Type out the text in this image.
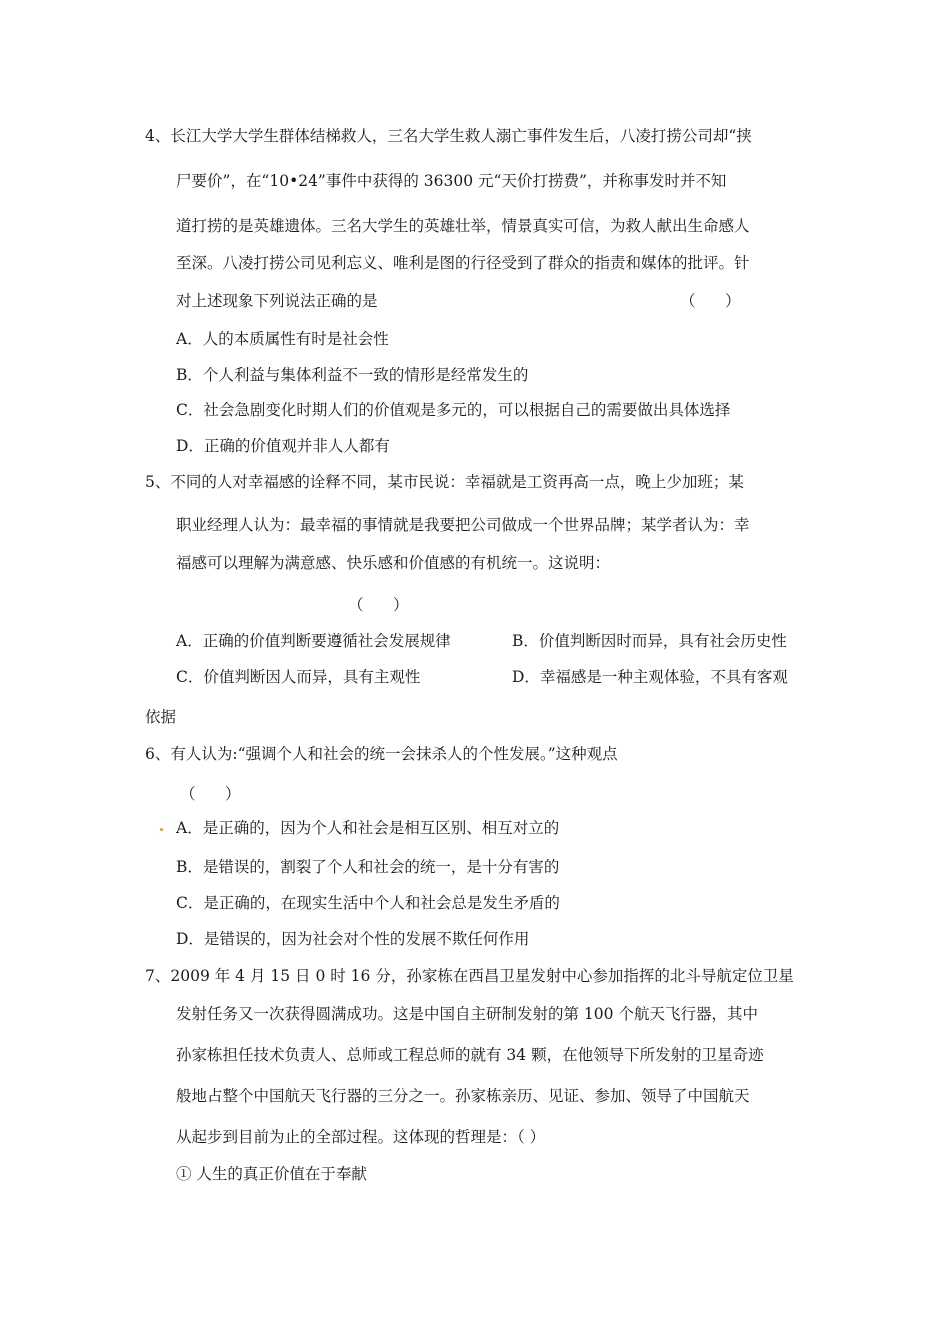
4、长江大学大学生群体结梯救人，三名大学生救人溺亡事件发生后，八凌打捞公司却“挟
尸要价”，在“10•24”事件中获得的 36300 元“天价打捞费”，并称事发时并不知
道打捞的是英雄遗体。三名大学生的英雄壮举，情景真实可信，为救人献出生命感人
至深。八凌打捞公司见利忘义、唯利是图的行径受到了群众的指责和媒体的批评。针
对上述现象下列说法正确的是	（      ）
A．人的本质属性有时是社会性
B．个人利益与集体利益不一致的情形是经常发生的
C．社会急剧变化时期人们的价值观是多元的，可以根据自己的需要做出具体选择
D．正确的价值观并非人人都有
5、不同的人对幸福感的诠释不同，某市民说：幸福就是工资再高一点，晚上少加班；某
职业经理人认为：最幸福的事情就是我要把公司做成一个世界品牌；某学者认为：幸
福感可以理解为满意感、快乐感和价值感的有机统一。这说明：
（      ）
A．正确的价值判断要遵循社会发展规律	B．价值判断因时而异，具有社会历史性
C．价值判断因人而异，具有主观性	D．幸福感是一种主观体验，不具有客观
依据
6、有人认为:“强调个人和社会的统一会抹杀人的个性发展。”这种观点
（      ）
A．是正确的，因为个人和社会是相互区别、相互对立的
B．是错误的，割裂了个人和社会的统一，是十分有害的
C．是正确的，在现实生活中个人和社会总是发生矛盾的
D．是错误的，因为社会对个性的发展不欺任何作用
7、2009 年 4 月 15 日 0 时 16 分，孙家栋在西昌卫星发射中心参加指挥的北斗导航定位卫星
发射任务又一次获得圆满成功。这是中国自主研制发射的第 100 个航天飞行器，其中
孙家栋担任技术负责人、总师或工程总师的就有 34 颗，在他领导下所发射的卫星奇迹
般地占整个中国航天飞行器的三分之一。孙家栋亲历、见证、参加、领导了中国航天
从起步到目前为止的全部过程。这体现的哲理是：（ ）
① 人生的真正价值在于奉献
